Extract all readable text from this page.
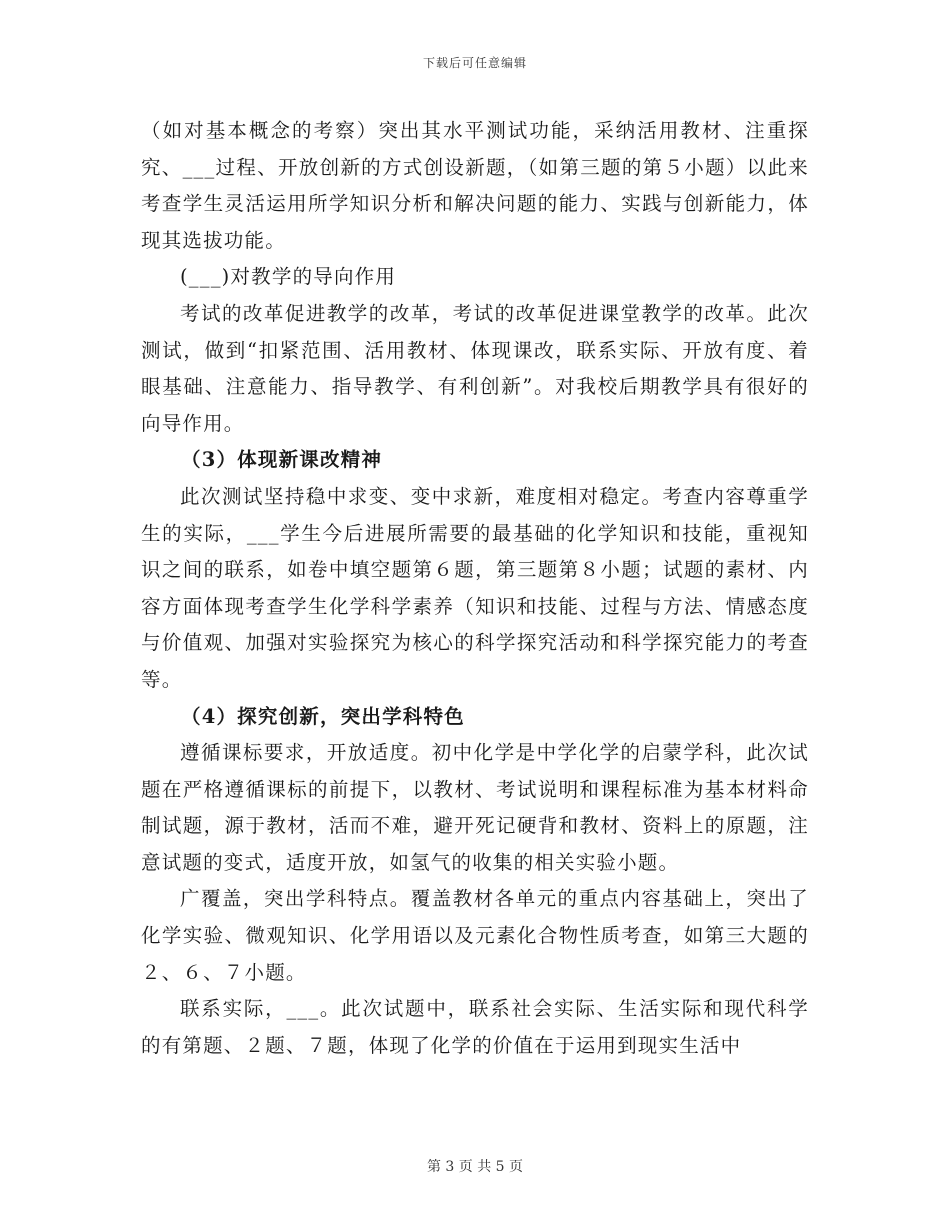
下载后可任意编辑

（如对基本概念的考察）突出其水平测试功能，采纳活用教材、注重探究、___过程、开放创新的方式创设新题，（如第三题的第５小题）以此来考查学生灵活运用所学知识分析和解决问题的能力、实践与创新能力，体现其选拔功能。

(___)对教学的导向作用

考试的改革促进教学的改革，考试的改革促进课堂教学的改革。此次测试，做到“扣紧范围、活用教材、体现课改，联系实际、开放有度、着眼基础、注意能力、指导教学、有利创新”。对我校后期教学具有很好的向导作用。

（3）体现新课改精神

此次测试坚持稳中求变、变中求新，难度相对稳定。考查内容尊重学生的实际，___学生今后进展所需要的最基础的化学知识和技能，重视知识之间的联系，如卷中填空题第６题，第三题第８小题；试题的素材、内容方面体现考查学生化学科学素养（知识和技能、过程与方法、情感态度与价值观、加强对实验探究为核心的科学探究活动和科学探究能力的考查等。

（4）探究创新，突出学科特色

遵循课标要求，开放适度。初中化学是中学化学的启蒙学科，此次试题在严格遵循课标的前提下，以教材、考试说明和课程标准为基本材料命制试题，源于教材，活而不难，避开死记硬背和教材、资料上的原题，注意试题的变式，适度开放，如氢气的收集的相关实验小题。

广覆盖，突出学科特点。覆盖教材各单元的重点内容基础上，突出了化学实验、微观知识、化学用语以及元素化合物性质考查，如第三大题的２、６、７小题。

联系实际，___。此次试题中，联系社会实际、生活实际和现代科学的有第题、２题、７题，体现了化学的价值在于运用到现实生活中

第 3 页 共 5 页
